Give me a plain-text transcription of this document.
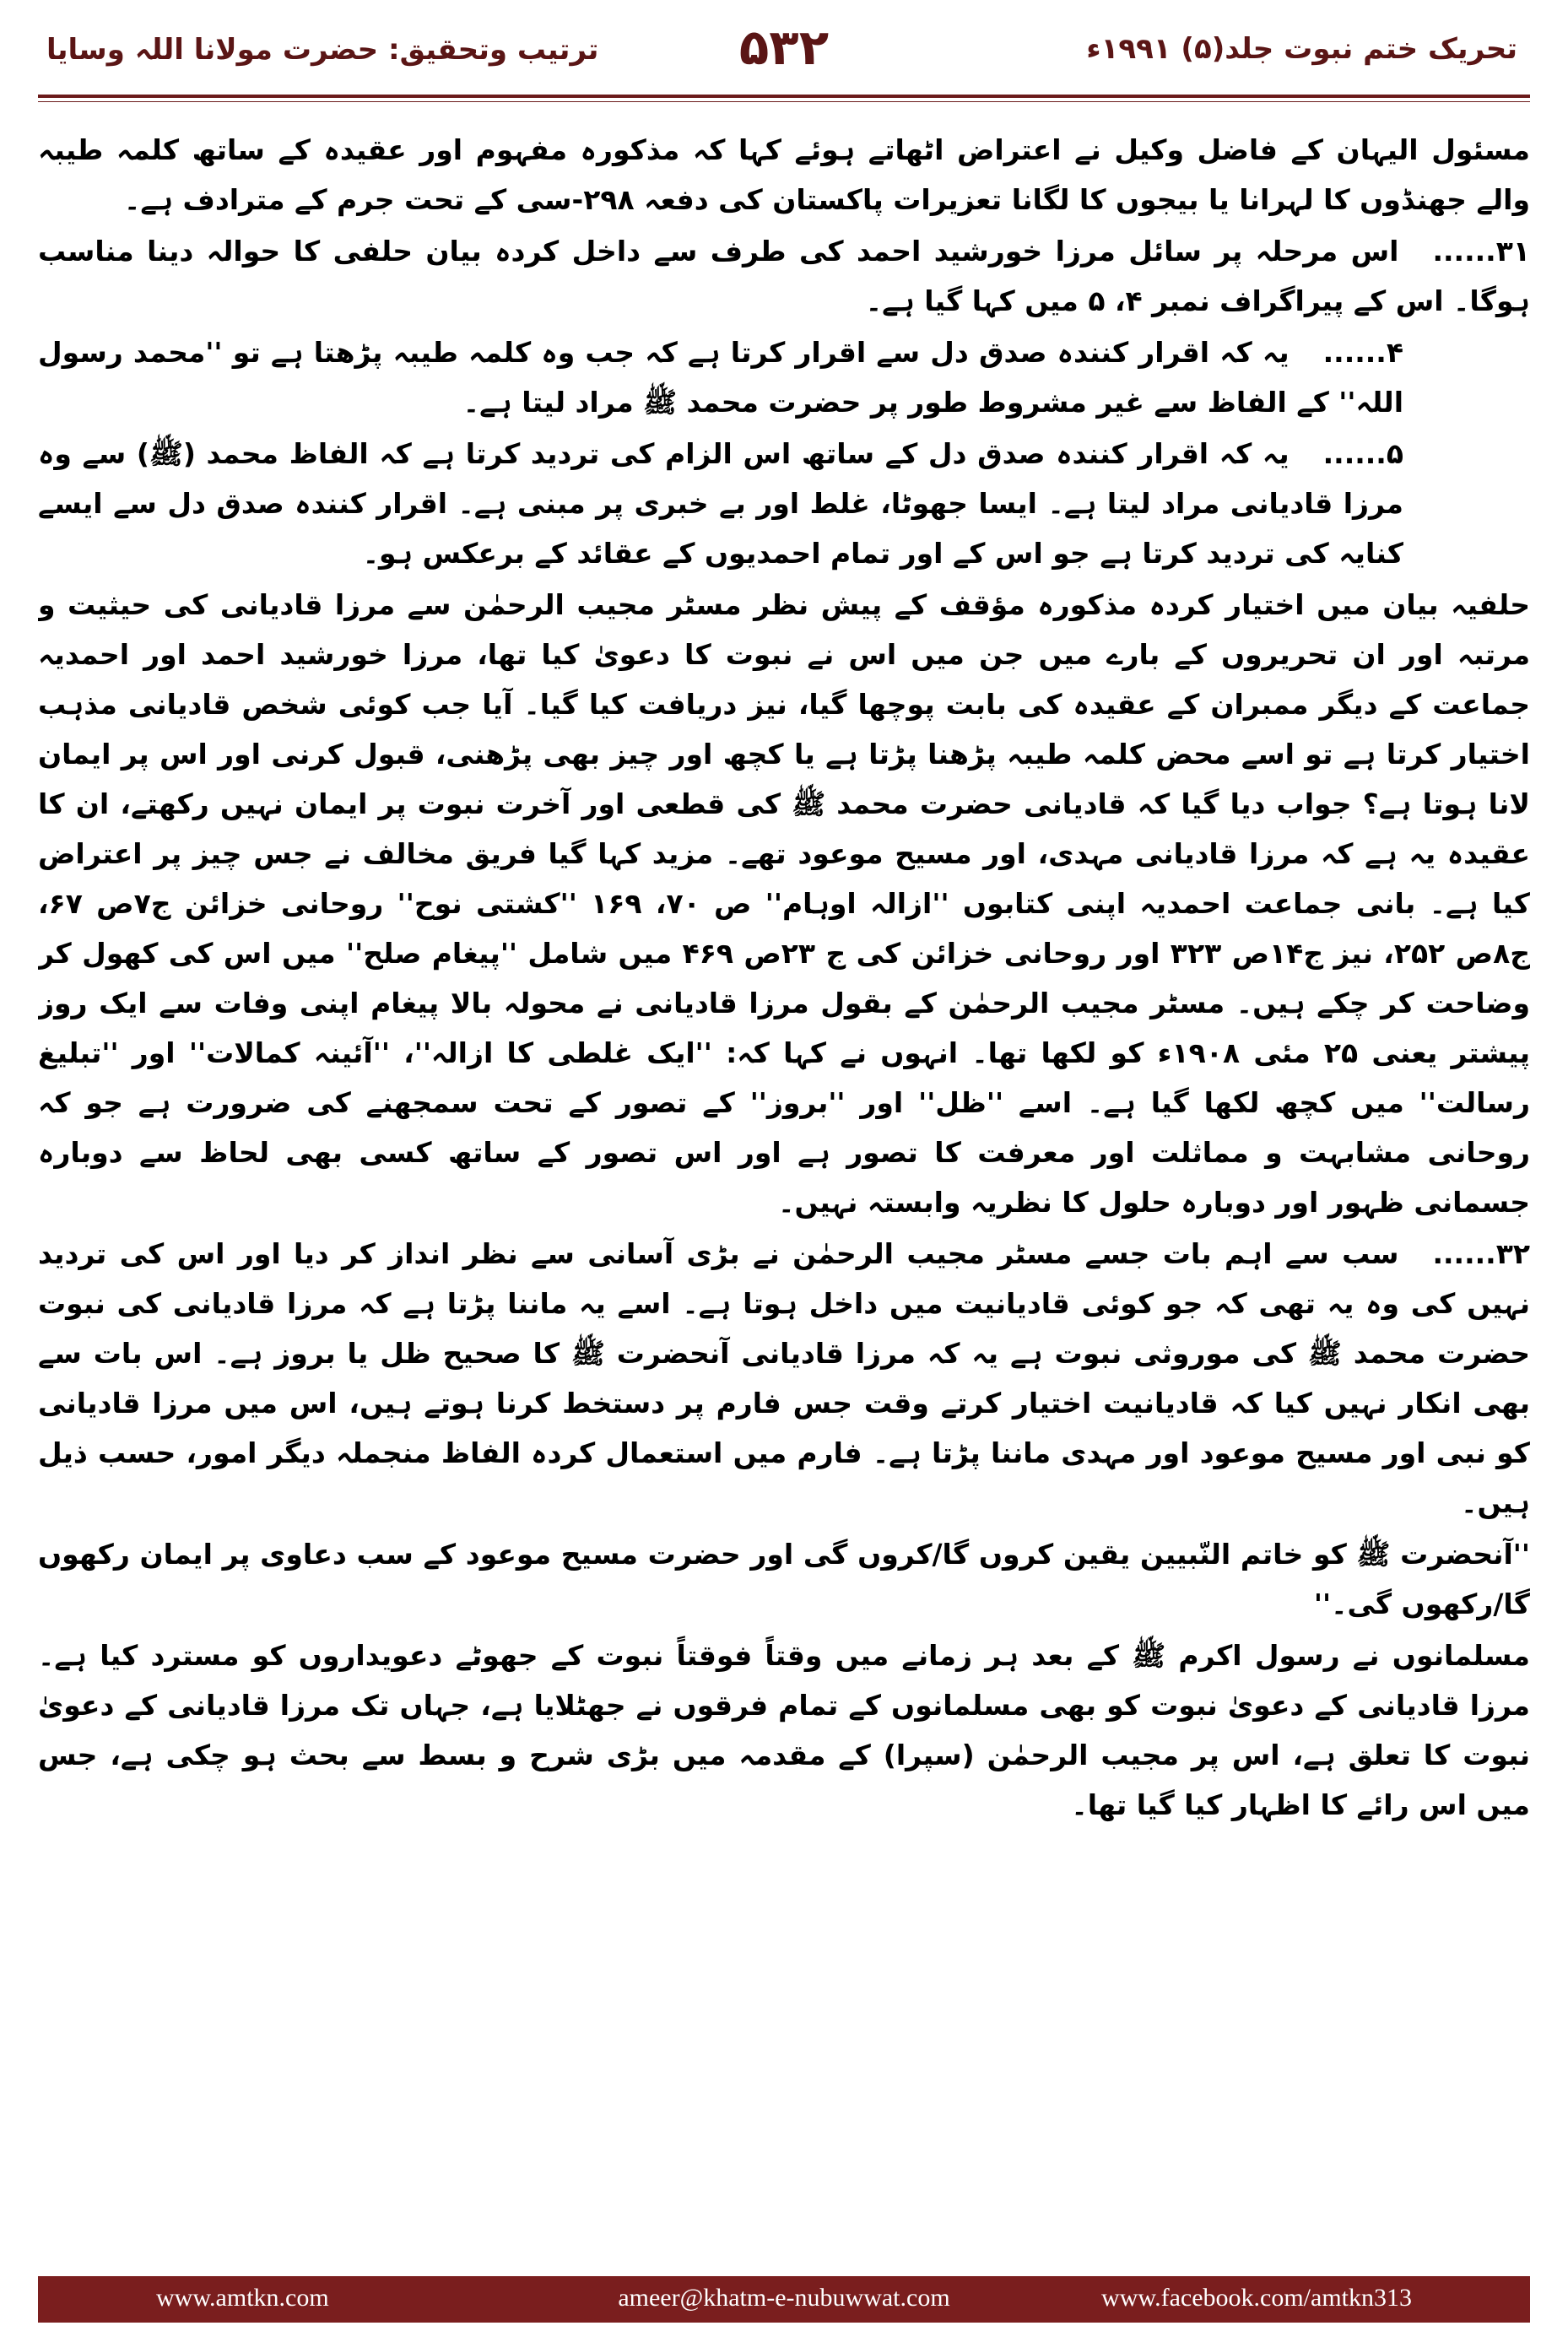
تحریک ختم نبوت جلد(۵) ۱۹۹۱ء
۵۳۲
ترتیب وتحقیق: حضرت مولانا اللہ وسایا

مسئول الیہان کے فاضل وکیل نے اعتراض اٹھاتے ہوئے کہا کہ مذکورہ مفہوم اور عقیدہ کے ساتھ کلمہ طیبہ والے جھنڈوں کا لہرانا یا بیجوں کا لگانا تعزیرات پاکستان کی دفعہ ۲۹۸-سی کے تحت جرم کے مترادف ہے۔

۳۱......اس مرحلہ پر سائل مرزا خورشید احمد کی طرف سے داخل کردہ بیان حلفی کا حوالہ دینا مناسب ہوگا۔ اس کے پیراگراف نمبر ۴، ۵ میں کہا گیا ہے۔

۴......یہ کہ اقرار کنندہ صدق دل سے اقرار کرتا ہے کہ جب وہ کلمہ طیبہ پڑھتا ہے تو ''محمد رسول اللہ'' کے الفاظ سے غیر مشروط طور پر حضرت محمد ﷺ مراد لیتا ہے۔

۵......یہ کہ اقرار کنندہ صدق دل کے ساتھ اس الزام کی تردید کرتا ہے کہ الفاظ محمد (ﷺ) سے وہ مرزا قادیانی مراد لیتا ہے۔ ایسا جھوٹا، غلط اور بے خبری پر مبنی ہے۔ اقرار کنندہ صدق دل سے ایسے کنایہ کی تردید کرتا ہے جو اس کے اور تمام احمدیوں کے عقائد کے برعکس ہو۔

حلفیہ بیان میں اختیار کردہ مذکورہ مؤقف کے پیش نظر مسٹر مجیب الرحمٰن سے مرزا قادیانی کی حیثیت و مرتبہ اور ان تحریروں کے بارے میں جن میں اس نے نبوت کا دعویٰ کیا تھا، مرزا خورشید احمد اور احمدیہ جماعت کے دیگر ممبران کے عقیدہ کی بابت پوچھا گیا، نیز دریافت کیا گیا۔ آیا جب کوئی شخص قادیانی مذہب اختیار کرتا ہے تو اسے محض کلمہ طیبہ پڑھنا پڑتا ہے یا کچھ اور چیز بھی پڑھنی، قبول کرنی اور اس پر ایمان لانا ہوتا ہے؟ جواب دیا گیا کہ قادیانی حضرت محمد ﷺ کی قطعی اور آخرت نبوت پر ایمان نہیں رکھتے، ان کا عقیدہ یہ ہے کہ مرزا قادیانی مہدی، اور مسیح موعود تھے۔ مزید کہا گیا فریق مخالف نے جس چیز پر اعتراض کیا ہے۔ بانی جماعت احمدیہ اپنی کتابوں ''ازالہ اوہام'' ص ۷۰، ۱۶۹ ''کشتی نوح'' روحانی خزائن ج۷ص ۶۷، ج۸ص ۲۵۲، نیز ج۱۴ص ۳۲۳ اور روحانی خزائن کی ج ۲۳ص ۴۶۹ میں شامل ''پیغام صلح'' میں اس کی کھول کر وضاحت کر چکے ہیں۔ مسٹر مجیب الرحمٰن کے بقول مرزا قادیانی نے محولہ بالا پیغام اپنی وفات سے ایک روز پیشتر یعنی ۲۵ مئی ۱۹۰۸ء کو لکھا تھا۔ انہوں نے کہا کہ: ''ایک غلطی کا ازالہ''، ''آئینہ کمالات'' اور ''تبلیغ رسالت'' میں کچھ لکھا گیا ہے۔ اسے ''ظل'' اور ''بروز'' کے تصور کے تحت سمجھنے کی ضرورت ہے جو کہ روحانی مشابہت و مماثلت اور معرفت کا تصور ہے اور اس تصور کے ساتھ کسی بھی لحاظ سے دوبارہ جسمانی ظہور اور دوبارہ حلول کا نظریہ وابستہ نہیں۔

۳۲......سب سے اہم بات جسے مسٹر مجیب الرحمٰن نے بڑی آسانی سے نظر انداز کر دیا اور اس کی تردید نہیں کی وہ یہ تھی کہ جو کوئی قادیانیت میں داخل ہوتا ہے۔ اسے یہ ماننا پڑتا ہے کہ مرزا قادیانی کی نبوت حضرت محمد ﷺ کی موروثی نبوت ہے یہ کہ مرزا قادیانی آنحضرت ﷺ کا صحیح ظل یا بروز ہے۔ اس بات سے بھی انکار نہیں کیا کہ قادیانیت اختیار کرتے وقت جس فارم پر دستخط کرنا ہوتے ہیں، اس میں مرزا قادیانی کو نبی اور مسیح موعود اور مہدی ماننا پڑتا ہے۔ فارم میں استعمال کردہ الفاظ منجملہ دیگر امور، حسب ذیل ہیں۔

''آنحضرت ﷺ کو خاتم النّبیین یقین کروں گا/کروں گی اور حضرت مسیح موعود کے سب دعاوی پر ایمان رکھوں گا/رکھوں گی۔''

مسلمانوں نے رسول اکرم ﷺ کے بعد ہر زمانے میں وقتاً فوقتاً نبوت کے جھوٹے دعویداروں کو مسترد کیا ہے۔ مرزا قادیانی کے دعویٰ نبوت کو بھی مسلمانوں کے تمام فرقوں نے جھٹلایا ہے، جہاں تک مرزا قادیانی کے دعویٰ نبوت کا تعلق ہے، اس پر مجیب الرحمٰن (سپرا) کے مقدمہ میں بڑی شرح و بسط سے بحث ہو چکی ہے، جس میں اس رائے کا اظہار کیا گیا تھا۔

www.amtkn.com	ameer@khatm-e-nubuwwat.com	www.facebook.com/amtkn313
